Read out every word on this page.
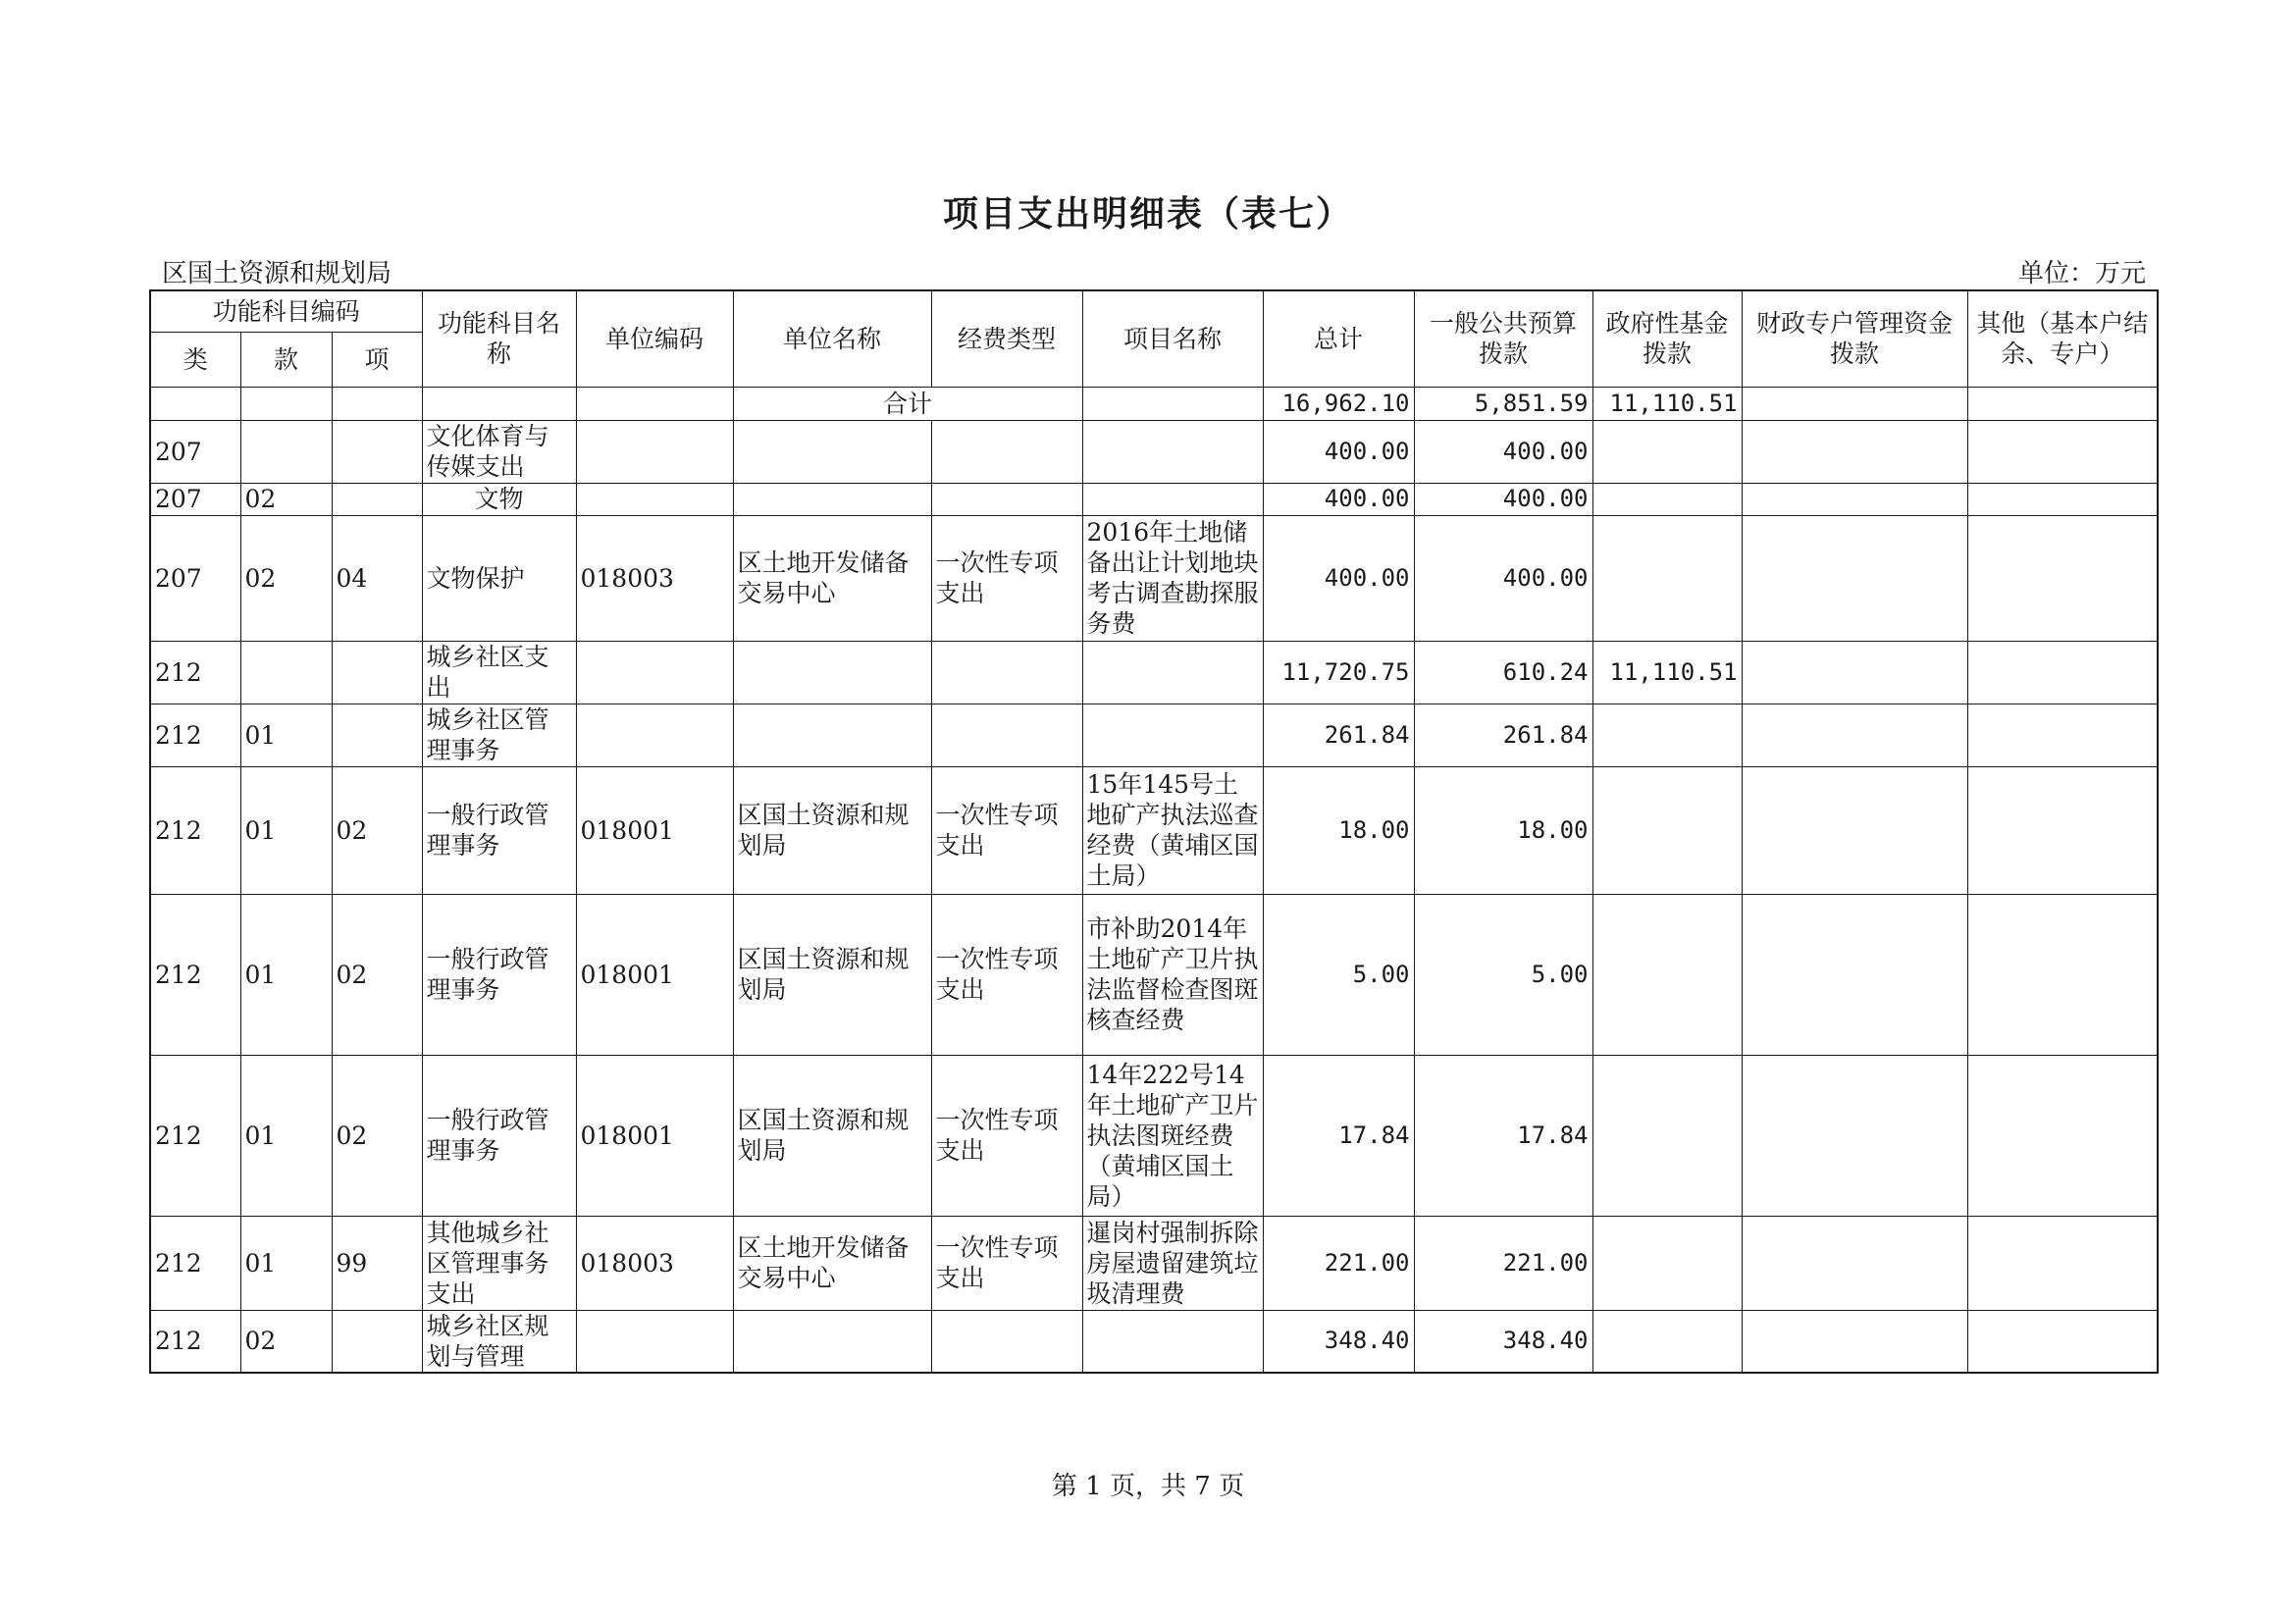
项目支出明细表（表七）
区国土资源和规划局	单位：万元
功能科目编码			功能科目名称	单位编码	单位名称	经费类型	项目名称	总计	一般公共预算拨款	政府性基金拨款	财政专户管理资金拨款	其他（基本户结余、专户）
类	款	项										
					合计			16,962.10	5,851.59	11,110.51		
207			文化体育与传媒支出					400.00	400.00			
207	02		文物					400.00	400.00			
207	02	04	文物保护	018003	区土地开发储备交易中心	一次性专项支出	2016年土地储备出让计划地块考古调查勘探服务费	400.00	400.00			
212			城乡社区支出					11,720.75	610.24	11,110.51		
212	01		城乡社区管理事务					261.84	261.84			
212	01	02	一般行政管理事务	018001	区国土资源和规划局	一次性专项支出	15年145号土地矿产执法巡查经费（黄埔区国土局）	18.00	18.00			
212	01	02	一般行政管理事务	018001	区国土资源和规划局	一次性专项支出	市补助2014年土地矿产卫片执法监督检查图斑核查经费	5.00	5.00			
212	01	02	一般行政管理事务	018001	区国土资源和规划局	一次性专项支出	14年222号14年土地矿产卫片执法图斑经费（黄埔区国土局）	17.84	17.84			
212	01	99	其他城乡社区管理事务支出	018003	区土地开发储备交易中心	一次性专项支出	暹岗村强制拆除房屋遗留建筑垃圾清理费	221.00	221.00			
212	02		城乡社区规划与管理					348.40	348.40			
第 1 页，共 7 页
